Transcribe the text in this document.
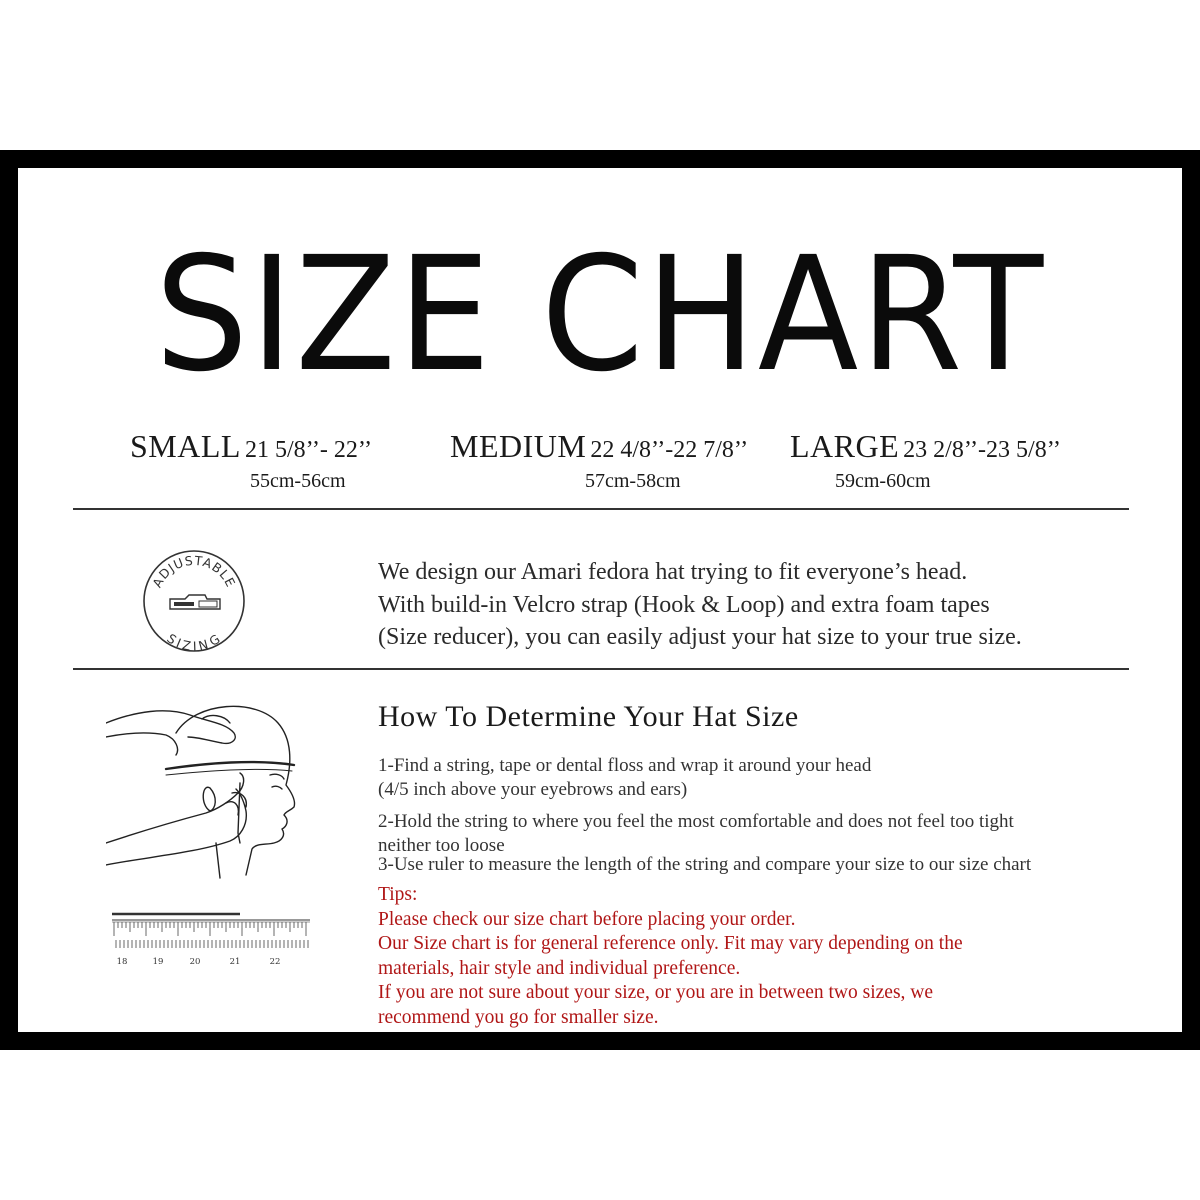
SIZE CHART
SMALL 21 5/8’’- 22’’
55cm-56cm
MEDIUM 22 4/8’’-22 7/8’’
57cm-58cm
LARGE 23 2/8’’-23 5/8’’
59cm-60cm
ADJUSTABLE
SIZING
We design our Amari fedora hat trying to fit everyone’s head.
With build-in Velcro strap (Hook & Loop) and extra foam tapes
(Size reducer), you can easily adjust your hat size to your true size.
18	19	20	21	22
How To Determine Your Hat Size
1-Find a string, tape or dental floss and wrap it around your head
(4/5 inch above your eyebrows and ears)
2-Hold the string to where you feel the most comfortable and does not feel too tight
neither too loose
3-Use ruler to measure the length of the string and compare your size to our size chart
Tips:
Please check our size chart before placing your order.
Our Size chart is for general reference only. Fit may vary depending on the
materials, hair style and individual preference.
If you are not sure about your size, or you are in between two sizes, we
recommend you go for smaller size.
